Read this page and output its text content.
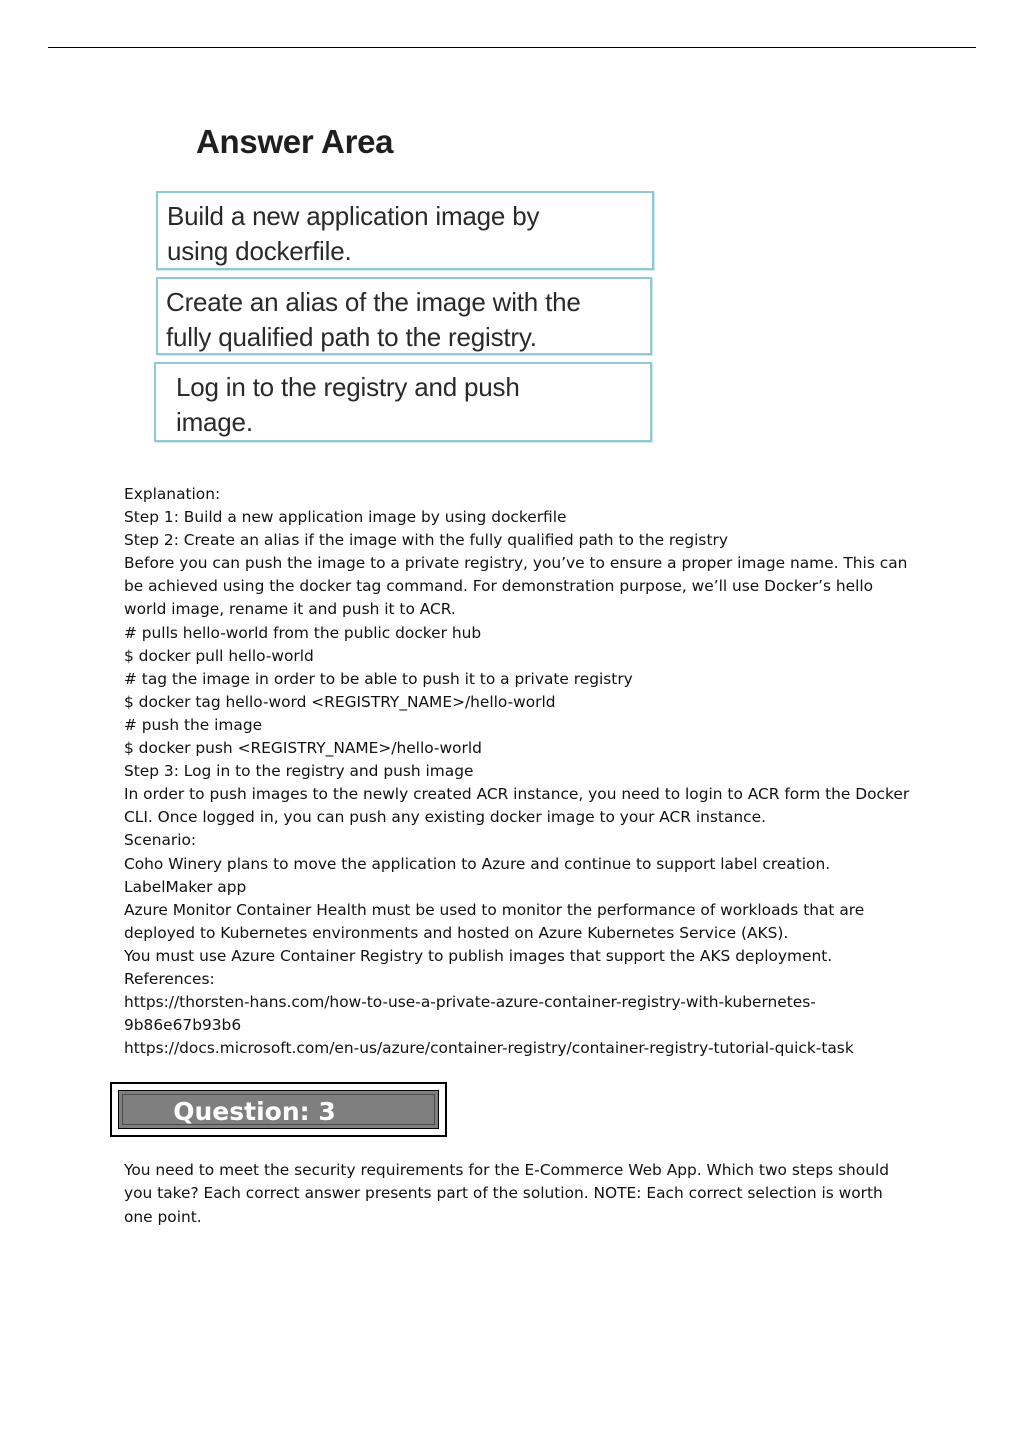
Answer Area
Build a new application image by
using dockerfile.
Create an alias of the image with the
fully qualified path to the registry.
Log in to the registry and push
image.
Explanation:
Step 1: Build a new application image by using dockerfile
Step 2: Create an alias if the image with the fully qualified path to the registry
Before you can push the image to a private registry, you’ve to ensure a proper image name. This can
be achieved using the docker tag command. For demonstration purpose, we’ll use Docker’s hello
world image, rename it and push it to ACR.
# pulls hello-world from the public docker hub
$ docker pull hello-world
# tag the image in order to be able to push it to a private registry
$ docker tag hello-word <REGISTRY_NAME>/hello-world
# push the image
$ docker push <REGISTRY_NAME>/hello-world
Step 3: Log in to the registry and push image
In order to push images to the newly created ACR instance, you need to login to ACR form the Docker
CLI. Once logged in, you can push any existing docker image to your ACR instance.
Scenario:
Coho Winery plans to move the application to Azure and continue to support label creation.
LabelMaker app
Azure Monitor Container Health must be used to monitor the performance of workloads that are
deployed to Kubernetes environments and hosted on Azure Kubernetes Service (AKS).
You must use Azure Container Registry to publish images that support the AKS deployment.
References:
https://thorsten-hans.com/how-to-use-a-private-azure-container-registry-with-kubernetes-
9b86e67b93b6
https://docs.microsoft.com/en-us/azure/container-registry/container-registry-tutorial-quick-task
Question: 3
You need to meet the security requirements for the E-Commerce Web App. Which two steps should
you take? Each correct answer presents part of the solution. NOTE: Each correct selection is worth
one point.
